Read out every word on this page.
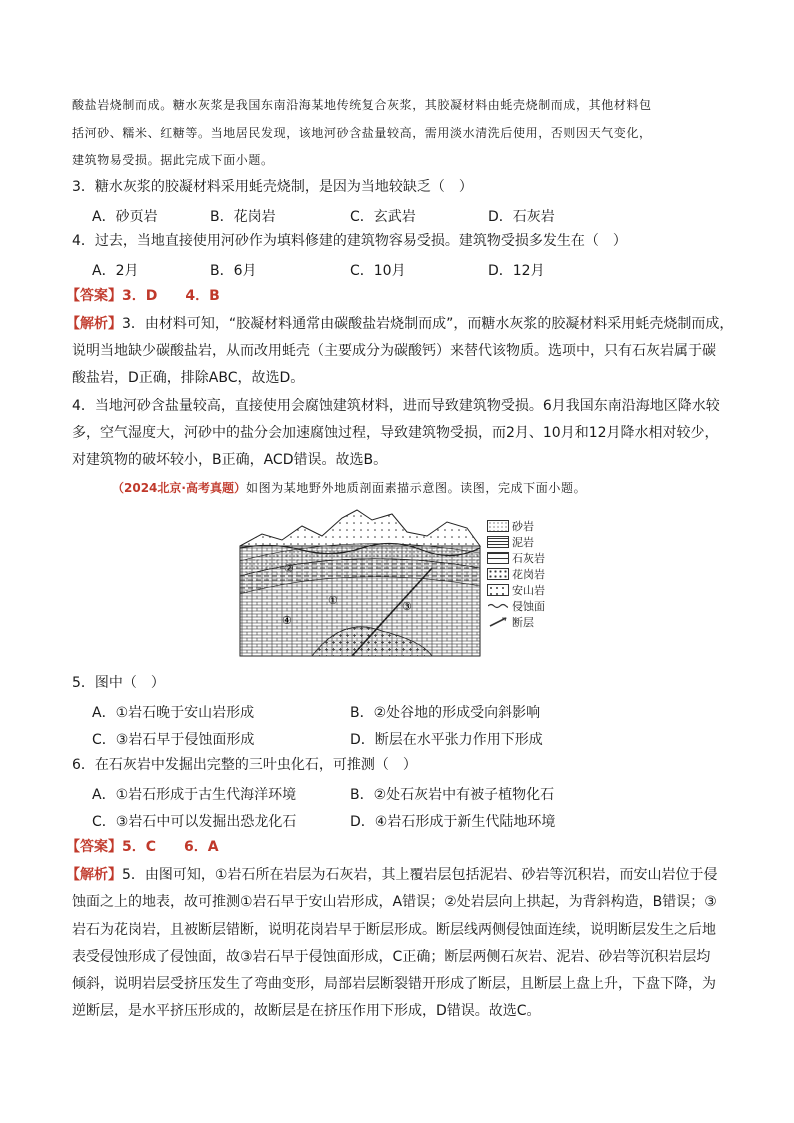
酸盐岩烧制而成。糖水灰浆是我国东南沿海某地传统复合灰浆，其胶凝材料由蚝壳烧制而成，其他材料包
括河砂、糯米、红糖等。当地居民发现，该地河砂含盐量较高，需用淡水清洗后使用，否则因天气变化，
建筑物易受损。据此完成下面小题。
3．糖水灰浆的胶凝材料采用蚝壳烧制，是因为当地较缺乏（　）
A．砂页岩	B．花岗岩	C．玄武岩	D．石灰岩
4．过去，当地直接使用河砂作为填料修建的建筑物容易受损。建筑物受损多发生在（　）
A．2月	B．6月	C．10月	D．12月
【答案】3．D　　4．B
【解析】3．由材料可知，“胶凝材料通常由碳酸盐岩烧制而成”，而糖水灰浆的胶凝材料采用蚝壳烧制而成，
说明当地缺少碳酸盐岩，从而改用蚝壳（主要成分为碳酸钙）来替代该物质。选项中，只有石灰岩属于碳
酸盐岩，D正确，排除ABC，故选D。
4．当地河砂含盐量较高，直接使用会腐蚀建筑材料，进而导致建筑物受损。6月我国东南沿海地区降水较
多，空气湿度大，河砂中的盐分会加速腐蚀过程，导致建筑物受损，而2月、10月和12月降水相对较少，
对建筑物的破坏较小，B正确，ACD错误。故选B。
（2024北京·高考真题）如图为某地野外地质剖面素描示意图。读图，完成下面小题。
②
④
③
①
砂岩
泥岩
石灰岩
花岗岩
安山岩
侵蚀面
断层
5．图中（　）
A．①岩石晚于安山岩形成	B．②处谷地的形成受向斜影响
C．③岩石早于侵蚀面形成	D．断层在水平张力作用下形成
6．在石灰岩中发掘出完整的三叶虫化石，可推测（　）
A．①岩石形成于古生代海洋环境	B．②处石灰岩中有被子植物化石
C．③岩石中可以发掘出恐龙化石	D．④岩石形成于新生代陆地环境
【答案】5．C　　6．A
【解析】5．由图可知，①岩石所在岩层为石灰岩，其上覆岩层包括泥岩、砂岩等沉积岩，而安山岩位于侵
蚀面之上的地表，故可推测①岩石早于安山岩形成，A错误；②处岩层向上拱起，为背斜构造，B错误；③
岩石为花岗岩，且被断层错断，说明花岗岩早于断层形成。断层线两侧侵蚀面连续，说明断层发生之后地
表受侵蚀形成了侵蚀面，故③岩石早于侵蚀面形成，C正确；断层两侧石灰岩、泥岩、砂岩等沉积岩层均
倾斜，说明岩层受挤压发生了弯曲变形，局部岩层断裂错开形成了断层，且断层上盘上升，下盘下降，为
逆断层，是水平挤压形成的，故断层是在挤压作用下形成，D错误。故选C。
